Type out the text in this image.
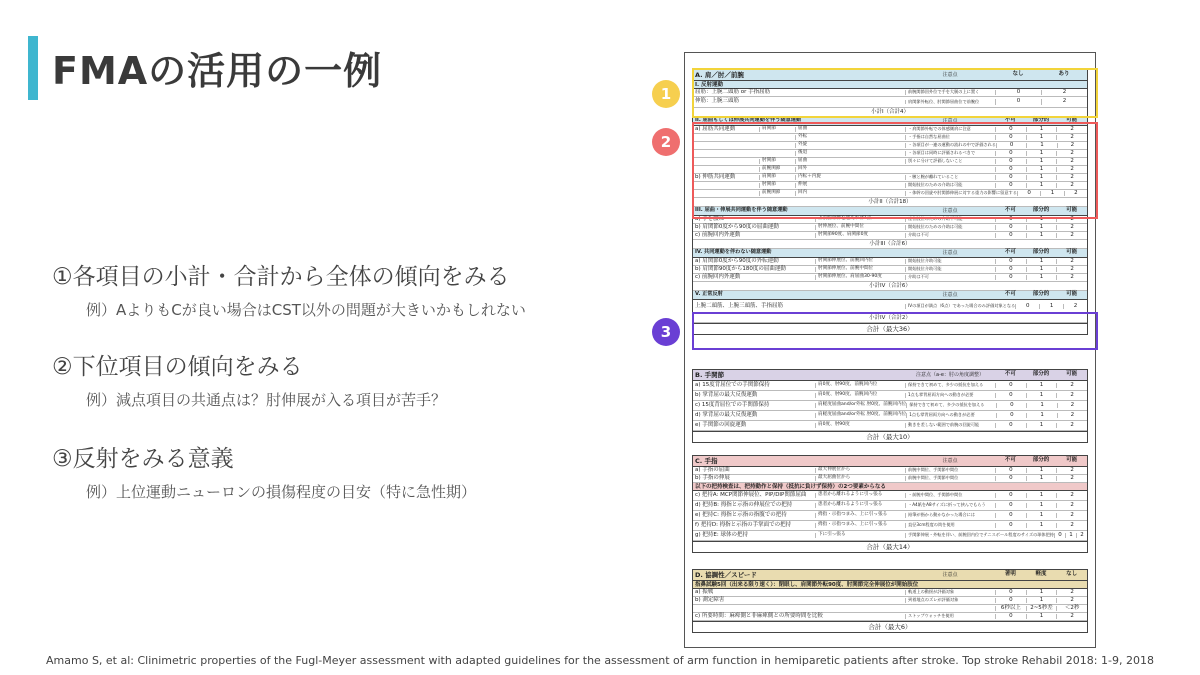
FMAの活用の一例
①各項目の小計・合計から全体の傾向をみる
例）AよりもCが良い場合はCST以外の問題が大きいかもしれない
②下位項目の傾向をみる
例）減点項目の共通点は？肘伸展が入る項目が苦手？
③反射をみる意義
例）上位運動ニューロンの損傷程度の目安（特に急性期）
A. 肩／肘／前腕	注意点	なし	あり
I. 反射運動
屈筋：上腕二頭筋 or 手指屈筋	前腕関節回外位で手を大腿の上に置く	0	2
伸筋：上腕三頭筋	肩関節外転位、肘関節屈曲位で前腕位	0	2
小計I（合計4）
II. 屈曲もしくは伸展共同運動を伴う随意運動	注意点	不可	部分的	可能
a) 屈筋共同運動	肩関節	屈曲	・肩関節外転での体感側肩に注意	0	1	2
外転	・手指は自然な屈曲位	0	1	2
外旋	・各項目が一連の運動の流れの中で評価される	0	1	2
後退	・各項目は同時に評価されるべきで	0	1	2
肘関節	屈曲	別々に分けて評価しないこと	0	1	2
前腕関節	回外	0	1	2
b) 伸筋共同運動	肩関節	内転＋内旋	・腋と腕が離れていること	0	1	2
肘関節	伸展	開始肢位のための介助は可能	0	1	2
前腕関節	回内	・体幹の回旋や肘関節伸展に対する重力の影響に留意する	0	1	2
小計II（合計18）
III. 屈曲・伸展共同運動を伴う随意運動	注意点	不可	部分的	可能
a) 手を腰に	上前腸骨棘を越えれば1点	座位肢位のための介助不可能	0	1	2
b) 肩関節0度から90度の屈曲運動	肘伸展位、前腕中間位	開始肢位のための介助は可能	0	1	2
c) 前腕回内外運動	肘関節90度、肩関節0度	介助は不可	0	1	2
小計III（合計6）
IV. 共同運動を伴わない随意運動	注意点	不可	部分的	可能
a) 肩関節0度から90度の外転運動	肘関節伸展位、前腕回内位	開始肢位介助可能	0	1	2
b) 肩関節90度から180度の屈曲運動	肘関節伸展位、前腕中間位	開始肢位介助可能	0	1	2
c) 前腕回内外運動	肘関節伸展位、肩屈曲30-90度	介助は不可	0	1	2
小計IV（合計6）
V. 正常反射	注意点	不可	部分的	可能
上腕二頭筋、上腕三頭筋、手指屈筋	IVの項目が満点（6点）であった場合のみ評価対象となる	0	1	2
小計IV（合計2）
合計（最大36）
B. 手関節	注意点（a-e：肘の角度調整）	不可	部分的	可能
a) 15度背屈位での手関節保持	肩0度、肘90度、前腕回内位	保持できて初めて、多少の抵抗を加える	0	1	2
b) 掌背屈の最大反復運動	肩0度、肘90度、前腕回内位	1点も掌背屈両方向への動きが必要	0	1	2
c) 15度背屈位での手関節保持	肩軽度屈曲and/or外転 肘0度、前腕回内位 保持できて初めて、多少の抵抗を加える	0	1	2
d) 掌背屈の最大反復運動	肩軽度屈曲and/or外転 肘0度、前腕回内位 1点も掌背屈両方向への動きが必要	0	1	2
e) 手関節の回旋運動	肩0度、肘90度	動きを差しない範囲で前腕の回旋可能	0	1	2
合計（最大10）
C. 手指	注意点	不可	部分的	可能
a) 手指の屈曲	最大伸展位から	前腕中間位、手関節中間位	0	1	2
b) 手指の伸展	最大屈曲位から	前腕中間位、手関節中間位	0	1	2
以下の把持検査は、把持動作と保持（抵抗に負けず保持）の2つ要素からなる
c) 把持A: MCP関節伸展位、PIP/DIP関節屈曲	患者から離れるように引っ張る	・前腕中間位、手関節中間位	0	1	2
d) 把持B: 拇指と示指の伸展位での把持	患者から離れるように引っ張る	・A4紙をA8サイズに折って挟んでもらう	0	1	2
e) 把持C: 拇指と示指の指腹での把持	拇指・示指つまみ、上に引っ張る	鉛筆が指から動かなかった場合には	0	1	2
f) 把持D: 拇指と示指の手掌面での把持	拇指・示指つまみ、上に引っ張る	直径3cm程度の筒を使用	0	1	2
g) 把持E: 球体の把持	下に引っ張る	手関節伸展・外転を伴い、前腕回内位でテニスボール程度のサイズの球体把持 0	1	2
合計（最大14）
D. 協調性／スピード	注意点	著明	軽度	なし
指鼻試験5回（出来る限り速く）：閉眼し、肩関節外転90度、肘関節完全伸展位が開始肢位
a) 振戦	軌道上の動揺が評価対象	0	1	2
b) 測定障害	到着地点のズレが評価対象	0	1	2
6秒以上	2~5秒差	＜2秒
c) 所要時間：麻痺側と非麻痺側との所要時間を比較	ストップウォッチを使用	0	1	2
合計（最大6）
1
2
3
Amamo S, et al: Clinimetric properties of the Fugl-Meyer assessment with adapted guidelines for the assessment of arm function in hemiparetic patients after stroke. Top stroke Rehabil 2018: 1-9, 2018
